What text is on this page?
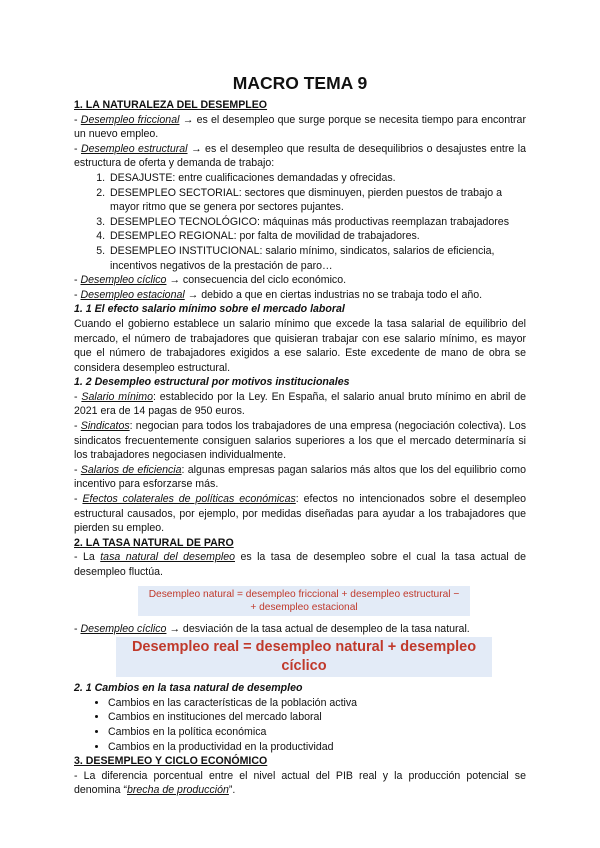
MACRO TEMA 9
1. LA NATURALEZA DEL DESEMPLEO

- Desempleo friccional → es el desempleo que surge porque se necesita tiempo para encontrar un nuevo empleo.

- Desempleo estructural → es el desempleo que resulta de desequilibrios o desajustes entre la estructura de oferta y demanda de trabajo:

1. DESAJUSTE: entre cualificaciones demandadas y ofrecidas.
2. DESEMPLEO SECTORIAL: sectores que disminuyen, pierden puestos de trabajo a mayor ritmo que se genera por sectores pujantes.
3. DESEMPLEO TECNOLÓGICO: máquinas más productivas reemplazan trabajadores
4. DESEMPLEO REGIONAL: por falta de movilidad de trabajadores.
5. DESEMPLEO INSTITUCIONAL: salario mínimo, sindicatos, salarios de eficiencia, incentivos negativos de la prestación de paro…

- Desempleo cíclico → consecuencia del ciclo económico.

- Desempleo estacional → debido a que en ciertas industrias no se trabaja todo el año.

1. 1 El efecto salario mínimo sobre el mercado laboral

Cuando el gobierno establece un salario mínimo que excede la tasa salarial de equilibrio del mercado, el número de trabajadores que quisieran trabajar con ese salario mínimo, es mayor que el número de trabajadores exigidos a ese salario. Este excedente de mano de obra se considera desempleo estructural.

1. 2 Desempleo estructural por motivos institucionales

- Salario mínimo: establecido por la Ley. En España, el salario anual bruto mínimo en abril de 2021 era de 14 pagas de 950 euros.

- Sindicatos: negocian para todos los trabajadores de una empresa (negociación colectiva). Los sindicatos frecuentemente consiguen salarios superiores a los que el mercado determinaría si los trabajadores negociasen individualmente.

- Salarios de eficiencia: algunas empresas pagan salarios más altos que los del equilibrio como incentivo para esforzarse más.

- Efectos colaterales de políticas económicas: efectos no intencionados sobre el desempleo estructural causados, por ejemplo, por medidas diseñadas para ayudar a los trabajadores que pierden su empleo.

2. LA TASA NATURAL DE PARO

- La tasa natural del desempleo es la tasa de desempleo sobre el cual la tasa actual de desempleo fluctúa.

Desempleo natural = desempleo friccional + desempleo estructural −
+ desempleo estacional

- Desempleo cíclico → desviación de la tasa actual de desempleo de la tasa natural.

Desempleo real = desempleo natural + desempleo cíclico
2. 1 Cambios en la tasa natural de desempleo
• Cambios en las características de la población activa
• Cambios en instituciones del mercado laboral
• Cambios en la política económica
• Cambios en la productividad en la productividad
3. DESEMPLEO Y CICLO ECONÓMICO

- La diferencia porcentual entre el nivel actual del PIB real y la producción potencial se denomina “brecha de producción”.
